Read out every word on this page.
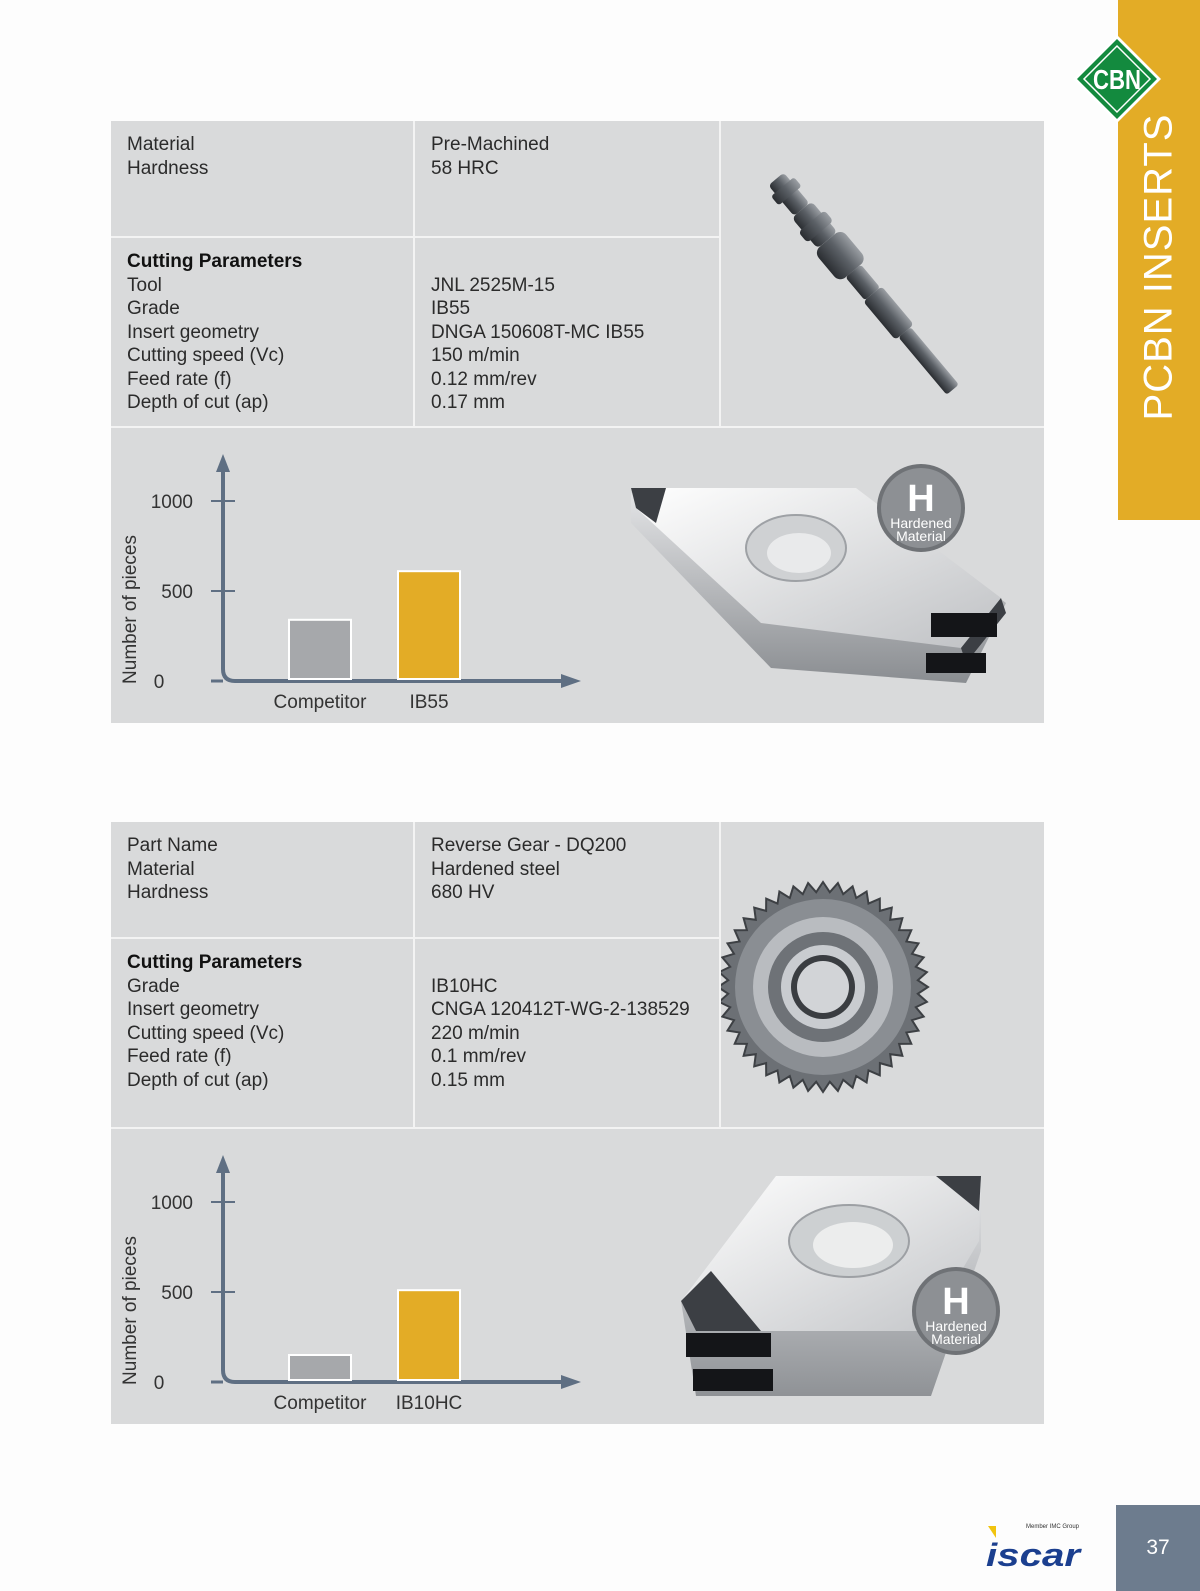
PCBN INSERTS
CBN
Material
Hardness
Pre-Machined
58 HRC
Cutting Parameters
Tool
Grade
Insert geometry
Cutting speed (Vc)
Feed rate (f)
Depth of cut (ap)

JNL 2525M-15
IB55
DNGA 150608T-MC IB55
150 m/min
0.12 mm/rev
0.17 mm
0
500
1000
Number of pieces
Competitor IB55
H
Hardened
Material
Part Name
Material
Hardness
Reverse Gear - DQ200
Hardened steel
680 HV
Cutting Parameters
Grade
Insert geometry
Cutting speed (Vc)
Feed rate (f)
Depth of cut (ap)

IB10HC
CNGA 120412T-WG-2-138529
220 m/min
0.1 mm/rev
0.15 mm
0
500
1000
Number of pieces
Competitor IB10HC
H
Hardened
Material
Member IMC Group
iscar	37
